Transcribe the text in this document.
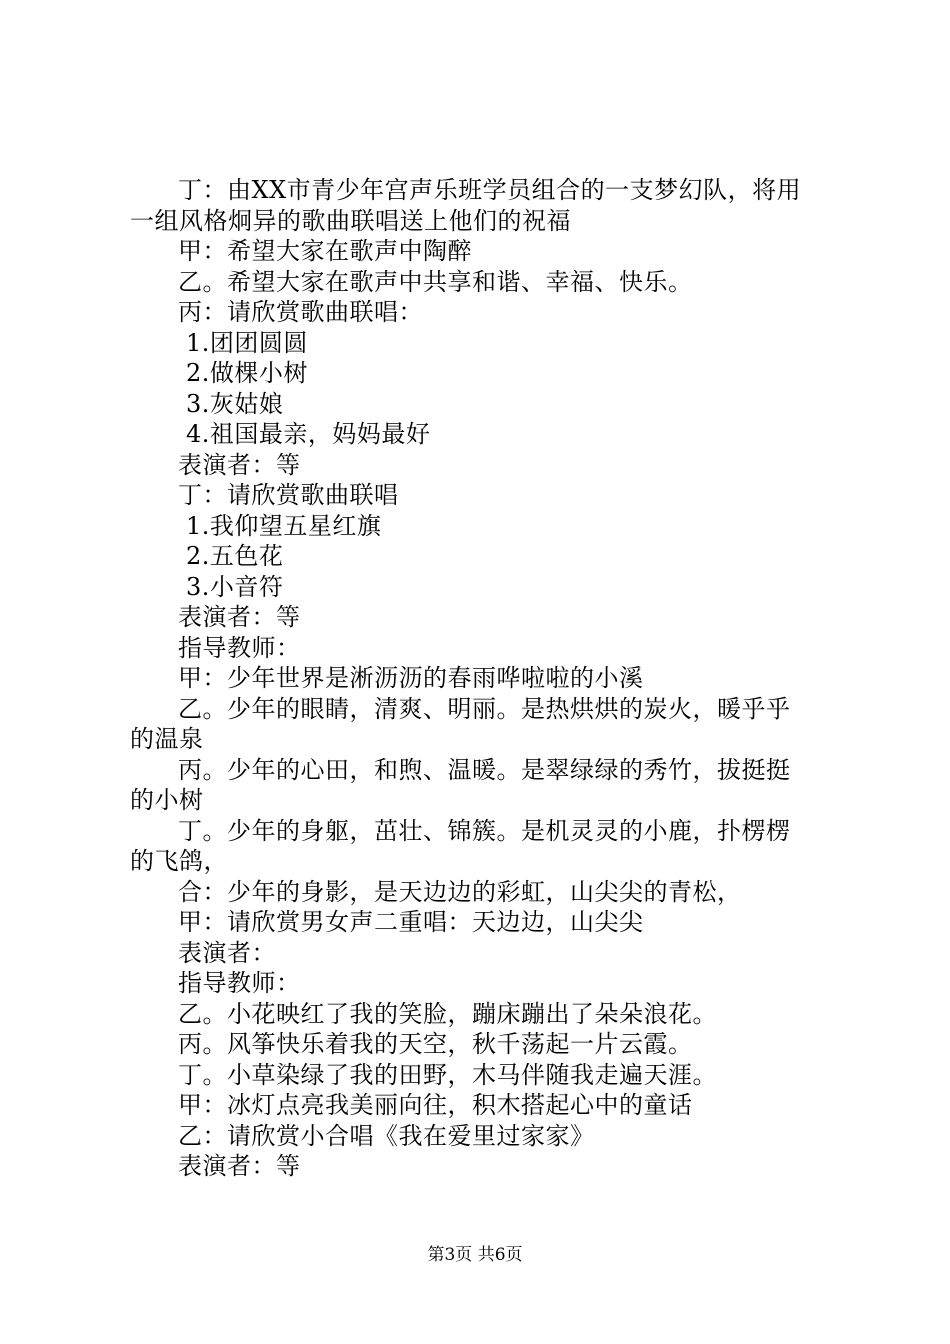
丁：由XX市青少年宫声乐班学员组合的一支梦幻队，将用
一组风格炯异的歌曲联唱送上他们的祝福
甲：希望大家在歌声中陶醉
乙。希望大家在歌声中共享和谐、幸福、快乐。
丙：请欣赏歌曲联唱：
1.团团圆圆
2.做棵小树
3.灰姑娘
4.祖国最亲，妈妈最好
表演者：等
丁：请欣赏歌曲联唱
1.我仰望五星红旗
2.五色花
3.小音符
表演者：等
指导教师：
甲：少年世界是淅沥沥的春雨哗啦啦的小溪
乙。少年的眼睛，清爽、明丽。是热烘烘的炭火，暖乎乎
的温泉
丙。少年的心田，和煦、温暖。是翠绿绿的秀竹，拔挺挺
的小树
丁。少年的身躯，茁壮、锦簇。是机灵灵的小鹿，扑楞楞
的飞鸽，
合：少年的身影，是天边边的彩虹，山尖尖的青松，
甲：请欣赏男女声二重唱：天边边，山尖尖
表演者：
指导教师：
乙。小花映红了我的笑脸，蹦床蹦出了朵朵浪花。
丙。风筝快乐着我的天空，秋千荡起一片云霞。
丁。小草染绿了我的田野，木马伴随我走遍天涯。
甲：冰灯点亮我美丽向往，积木搭起心中的童话
乙：请欣赏小合唱《我在爱里过家家》
表演者：等
第3页 共6页
